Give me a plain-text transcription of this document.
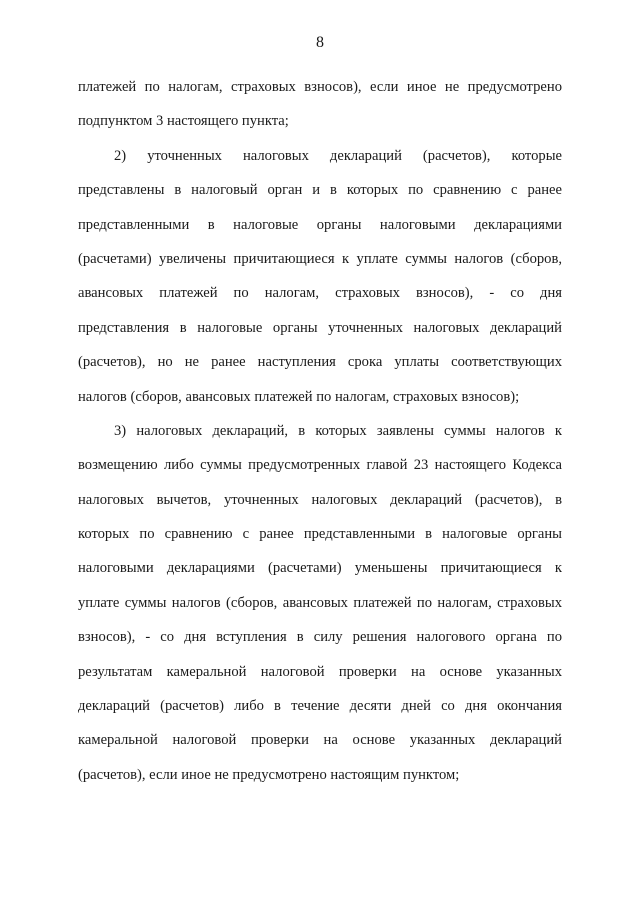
8
платежей по налогам, страховых взносов), если иное не предусмотрено
подпунктом 3 настоящего пункта;
2) уточненных налоговых деклараций (расчетов), которые
представлены в налоговый орган и в которых по сравнению с ранее
представленными в налоговые органы налоговыми декларациями
(расчетами) увеличены причитающиеся к уплате суммы налогов (сборов,
авансовых платежей по налогам, страховых взносов), - со дня
представления в налоговые органы уточненных налоговых деклараций
(расчетов), но не ранее наступления срока уплаты соответствующих
налогов (сборов, авансовых платежей по налогам, страховых взносов);
3) налоговых деклараций, в которых заявлены суммы налогов к
возмещению либо суммы предусмотренных главой 23 настоящего Кодекса
налоговых вычетов, уточненных налоговых деклараций (расчетов), в
которых по сравнению с ранее представленными в налоговые органы
налоговыми декларациями (расчетами) уменьшены причитающиеся к
уплате суммы налогов (сборов, авансовых платежей по налогам, страховых
взносов), - со дня вступления в силу решения налогового органа по
результатам камеральной налоговой проверки на основе указанных
деклараций (расчетов) либо в течение десяти дней со дня окончания
камеральной налоговой проверки на основе указанных деклараций
(расчетов), если иное не предусмотрено настоящим пунктом;
